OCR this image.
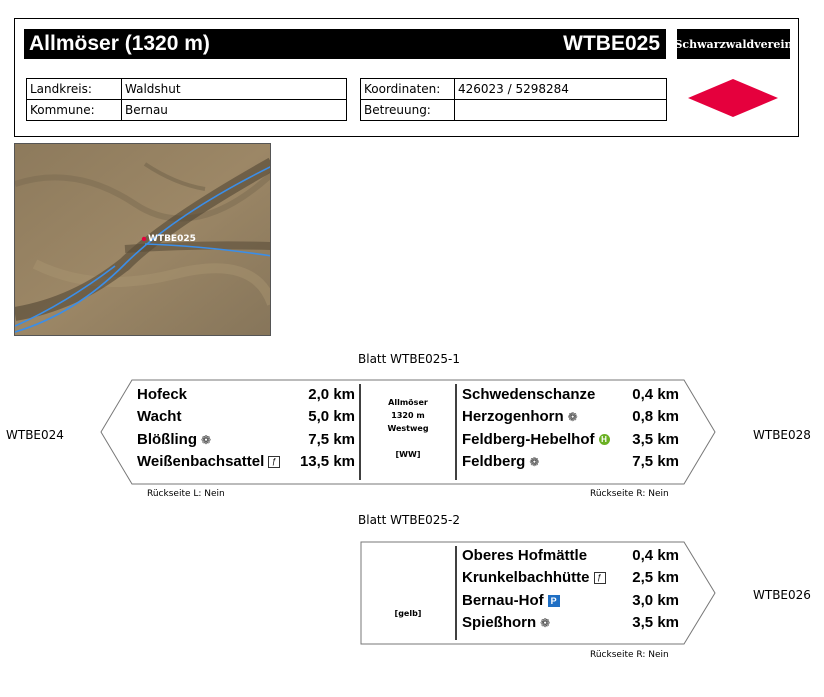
Allmöser (1320 m)	WTBE025 Schwarzwaldverein
Landkreis:	Waldshut
Kommune:	Bernau
Koordinaten:	426023 / 5298284
Betreuung:	
WTBE025
Blatt WTBE025-1
Hofeck	2,0 km
Wacht	5,0 km
Blößling ❁	7,5 km
Weißenbachsattel ƒ	13,5 km
Allmöser
1320 m
Westweg
[WW]
Schwedenschanze	0,4 km
Herzogenhorn ❁	0,8 km
Feldberg-Hebelhof H	3,5 km
Feldberg ❁	7,5 km
WTBE024	WTBE028
Rückseite L: Nein	Rückseite R: Nein
Blatt WTBE025-2
[gelb]
Oberes Hofmättle	0,4 km
Krunkelbachhütte ƒ	2,5 km
Bernau-Hof P	3,0 km
Spießhorn ❁	3,5 km
WTBE026
Rückseite R: Nein
